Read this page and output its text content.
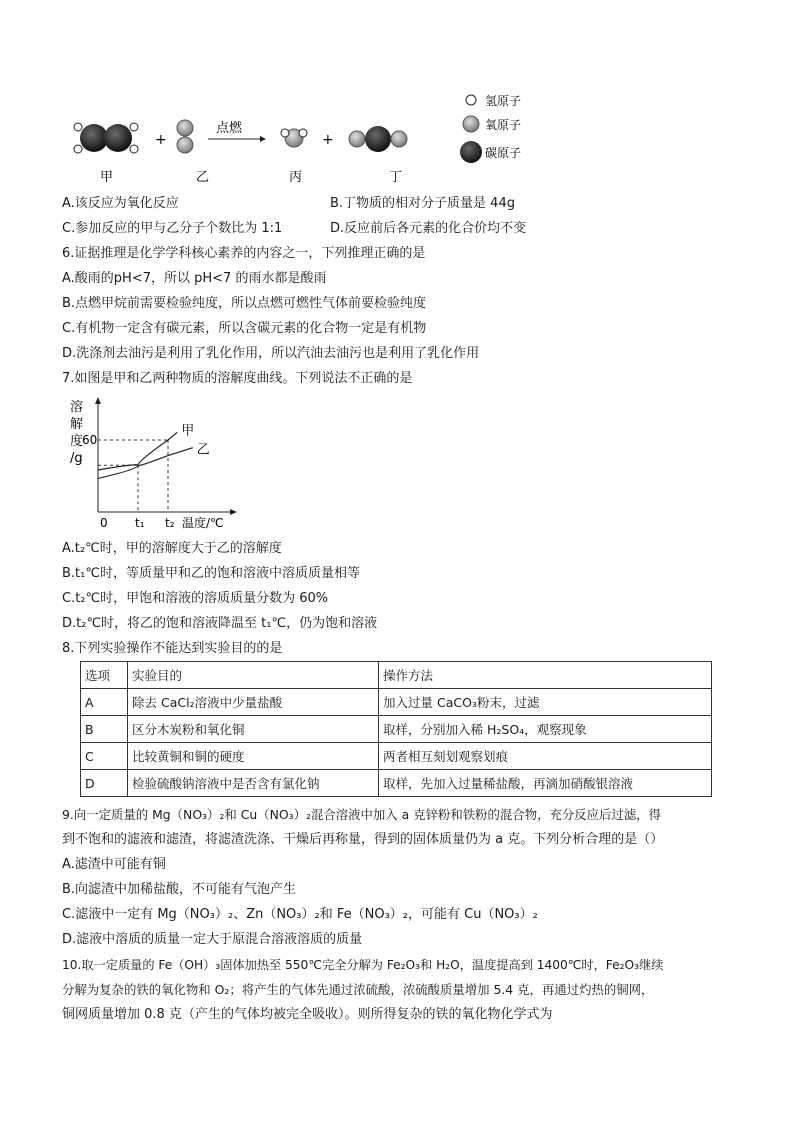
+
点燃
+
甲	乙	丙	丁
氢原子
氧原子
碳原子
A.该反应为氧化反应	B.丁物质的相对分子质量是 44g
C.参加反应的甲与乙分子个数比为 1:1	D.反应前后各元素的化合价均不变
6.证据推理是化学学科核心素养的内容之一，下列推理正确的是
A.酸雨的pH<7，所以 pH<7 的雨水都是酸雨
B.点燃甲烷前需要检验纯度，所以点燃可燃性气体前要检验纯度
C.有机物一定含有碳元素，所以含碳元素的化合物一定是有机物
D.洗涤剂去油污是利用了乳化作用，所以汽油去油污也是利用了乳化作用
7.如图是甲和乙两种物质的溶解度曲线。下列说法不正确的是
溶
解
度
/g
甲
乙
60
t₁ t₂
0	温度/℃
A.t₂℃时，甲的溶解度大于乙的溶解度
B.t₁℃时，等质量甲和乙的饱和溶液中溶质质量相等
C.t₂℃时，甲饱和溶液的溶质质量分数为 60%
D.t₂℃时，将乙的饱和溶液降温至 t₁℃，仍为饱和溶液
8.下列实验操作不能达到实验目的的是
选项	实验目的	操作方法
A	除去 CaCl₂溶液中少量盐酸	加入过量 CaCO₃粉末，过滤
B	区分木炭粉和氧化铜	取样，分别加入稀 H₂SO₄，观察现象
C	比较黄铜和铜的硬度	两者相互刻划观察划痕
D	检验硫酸钠溶液中是否含有氯化钠	取样，先加入过量稀盐酸，再滴加硝酸银溶液
9.向一定质量的 Mg（NO₃）₂和 Cu（NO₃）₂混合溶液中加入 a 克锌粉和铁粉的混合物，充分反应后过滤，得
到不饱和的滤液和滤渣，将滤渣洗涤、干燥后再称量，得到的固体质量仍为 a 克。下列分析合理的是（）
A.滤渣中可能有铜
B.向滤渣中加稀盐酸，不可能有气泡产生
C.滤液中一定有 Mg（NO₃）₂、Zn（NO₃）₂和 Fe（NO₃）₂，可能有 Cu（NO₃）₂
D.滤液中溶质的质量一定大于原混合溶液溶质的质量
10.取一定质量的 Fe（OH）₃固体加热至 550℃完全分解为 Fe₂O₃和 H₂O，温度提高到 1400℃时，Fe₂O₃继续
分解为复杂的铁的氧化物和 O₂；将产生的气体先通过浓硫酸，浓硫酸质量增加 5.4 克，再通过灼热的铜网，
铜网质量增加 0.8 克（产生的气体均被完全吸收）。则所得复杂的铁的氧化物化学式为
